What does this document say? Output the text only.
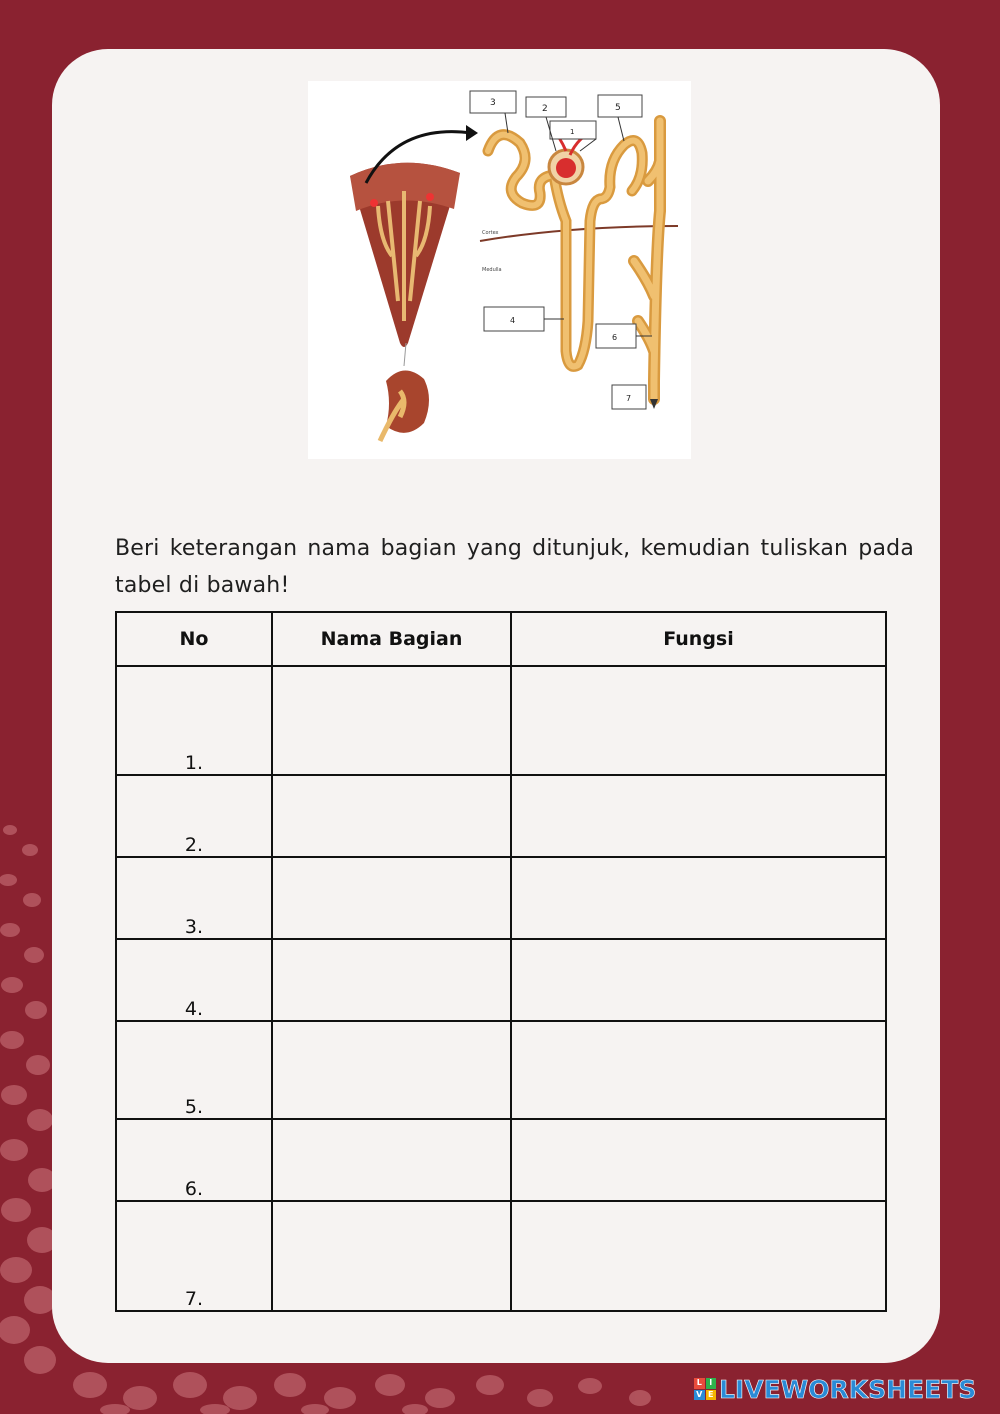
Cortex
Medulla
3
2
1
5
4
6
7

Beri keterangan nama bagian yang ditunjuk, kemudian tuliskan pada tabel di bawah!

No	Nama Bagian	Fungsi
1.		
2.		
3.		
4.		
5.		
6.		
7.		
L I
V E LIVEWORKSHEETS
